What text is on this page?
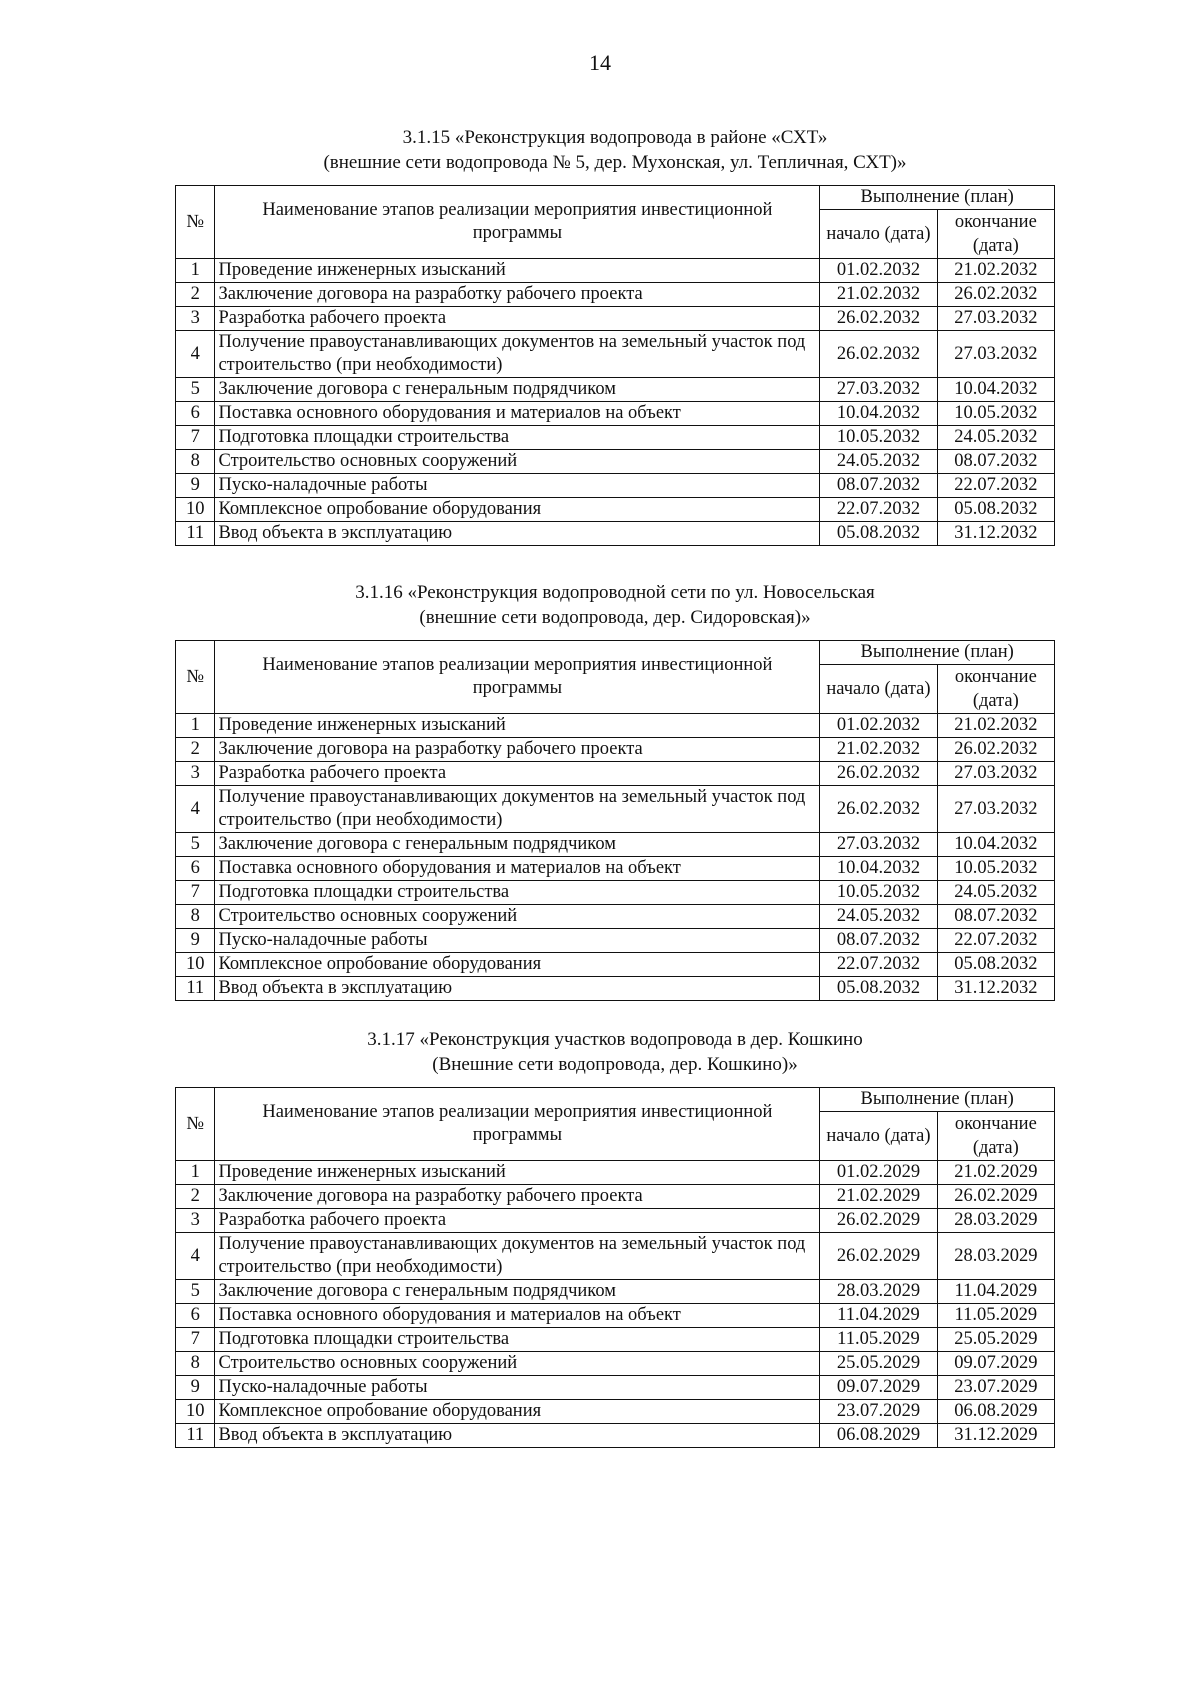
14
3.1.15 «Реконструкция водопровода в районе «СХТ»
(внешние сети водопровода № 5, дер. Мухонская, ул. Тепличная, СХТ)»
№	Наименование этапов реализации мероприятия инвестиционной программы	Выполнение (план)	
		начало (дата)	окончание (дата)
1	Проведение инженерных изысканий	01.02.2032	21.02.2032
2	Заключение договора на разработку рабочего проекта	21.02.2032	26.02.2032
3	Разработка рабочего проекта	26.02.2032	27.03.2032
4	Получение правоустанавливающих документов на земельный участок под строительство (при необходимости)	26.02.2032	27.03.2032
5	Заключение договора с генеральным подрядчиком	27.03.2032	10.04.2032
6	Поставка основного оборудования и материалов на объект	10.04.2032	10.05.2032
7	Подготовка площадки строительства	10.05.2032	24.05.2032
8	Строительство основных сооружений	24.05.2032	08.07.2032
9	Пуско-наладочные работы	08.07.2032	22.07.2032
10	Комплексное опробование оборудования	22.07.2032	05.08.2032
11	Ввод объекта в эксплуатацию	05.08.2032	31.12.2032
3.1.16 «Реконструкция водопроводной сети по ул. Новосельская
(внешние сети водопровода, дер. Сидоровская)»
№	Наименование этапов реализации мероприятия инвестиционной программы	Выполнение (план)	
		начало (дата)	окончание (дата)
1	Проведение инженерных изысканий	01.02.2032	21.02.2032
2	Заключение договора на разработку рабочего проекта	21.02.2032	26.02.2032
3	Разработка рабочего проекта	26.02.2032	27.03.2032
4	Получение правоустанавливающих документов на земельный участок под строительство (при необходимости)	26.02.2032	27.03.2032
5	Заключение договора с генеральным подрядчиком	27.03.2032	10.04.2032
6	Поставка основного оборудования и материалов на объект	10.04.2032	10.05.2032
7	Подготовка площадки строительства	10.05.2032	24.05.2032
8	Строительство основных сооружений	24.05.2032	08.07.2032
9	Пуско-наладочные работы	08.07.2032	22.07.2032
10	Комплексное опробование оборудования	22.07.2032	05.08.2032
11	Ввод объекта в эксплуатацию	05.08.2032	31.12.2032
3.1.17 «Реконструкция участков водопровода в дер. Кошкино
(Внешние сети водопровода, дер. Кошкино)»
№	Наименование этапов реализации мероприятия инвестиционной программы	Выполнение (план)	
		начало (дата)	окончание (дата)
1	Проведение инженерных изысканий	01.02.2029	21.02.2029
2	Заключение договора на разработку рабочего проекта	21.02.2029	26.02.2029
3	Разработка рабочего проекта	26.02.2029	28.03.2029
4	Получение правоустанавливающих документов на земельный участок под строительство (при необходимости)	26.02.2029	28.03.2029
5	Заключение договора с генеральным подрядчиком	28.03.2029	11.04.2029
6	Поставка основного оборудования и материалов на объект	11.04.2029	11.05.2029
7	Подготовка площадки строительства	11.05.2029	25.05.2029
8	Строительство основных сооружений	25.05.2029	09.07.2029
9	Пуско-наладочные работы	09.07.2029	23.07.2029
10	Комплексное опробование оборудования	23.07.2029	06.08.2029
11	Ввод объекта в эксплуатацию	06.08.2029	31.12.2029
